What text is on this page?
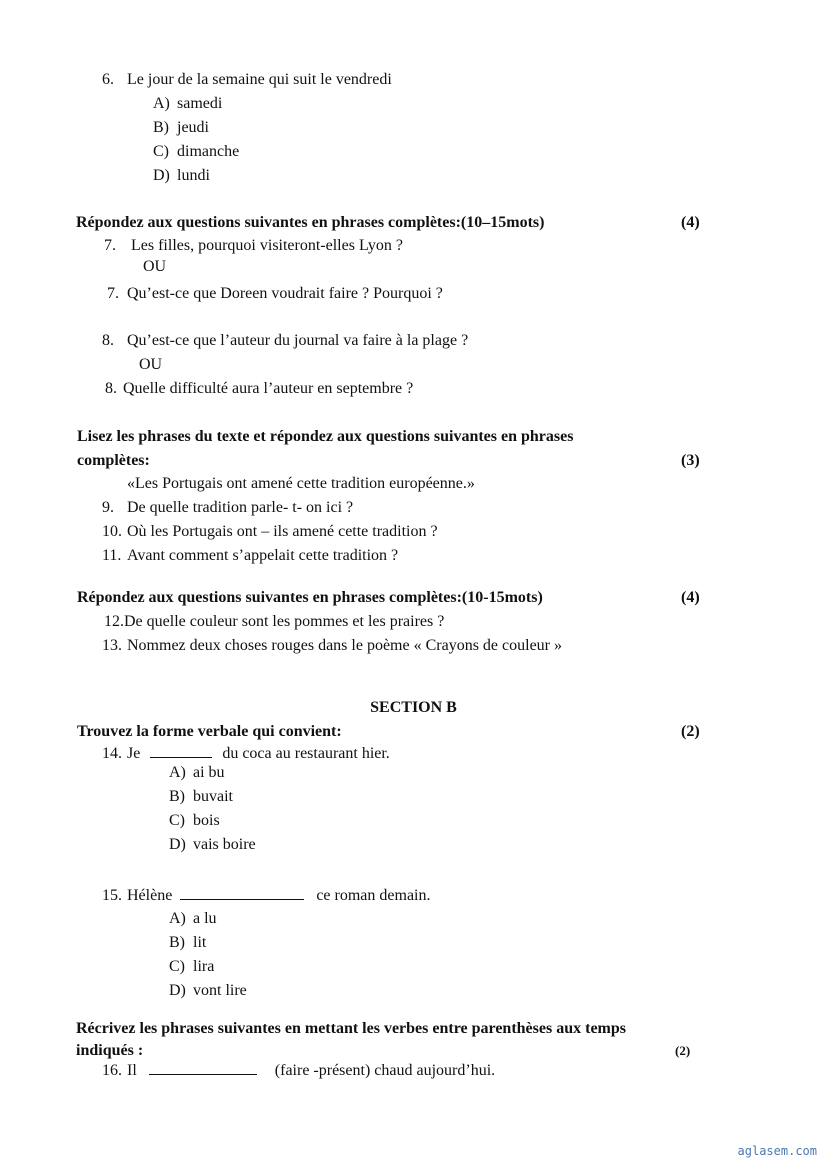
6. Le jour de la semaine qui suit le vendredi
A) samedi
B) jeudi
C) dimanche
D) lundi
Répondez aux questions suivantes en phrases complètes:(10–15mots)	(4)
7. Les filles, pourquoi visiteront-elles Lyon ?
OU
7. Qu’est-ce que Doreen voudrait faire ? Pourquoi ?
8. Qu’est-ce que l’auteur du journal va faire à la plage ?
OU
8. Quelle difficulté aura l’auteur en septembre ?
Lisez les phrases du texte et répondez aux questions suivantes en phrases
complètes:	(3)
«Les Portugais ont amené cette tradition européenne.»
9. De quelle tradition parle- t- on ici ?
10. Où les Portugais ont – ils amené cette tradition ?
11. Avant comment s’appelait cette tradition ?
Répondez aux questions suivantes en phrases complètes:(10-15mots)	(4)
12.De quelle couleur sont les pommes et les praires ?
13. Nommez deux choses rouges dans le poème « Crayons de couleur »
SECTION B
Trouvez la forme verbale qui convient:	(2)
14. Je	du coca au restaurant hier.
A) ai bu
B) buvait
C) bois
D) vais boire
15. Hélène	ce roman demain.
A) a lu
B) lit
C) lira
D) vont lire
Récrivez les phrases suivantes en mettant les verbes entre parenthèses aux temps
indiqués :	(2)
16. Il	(faire -présent) chaud aujourd’hui.
aglasem.com
